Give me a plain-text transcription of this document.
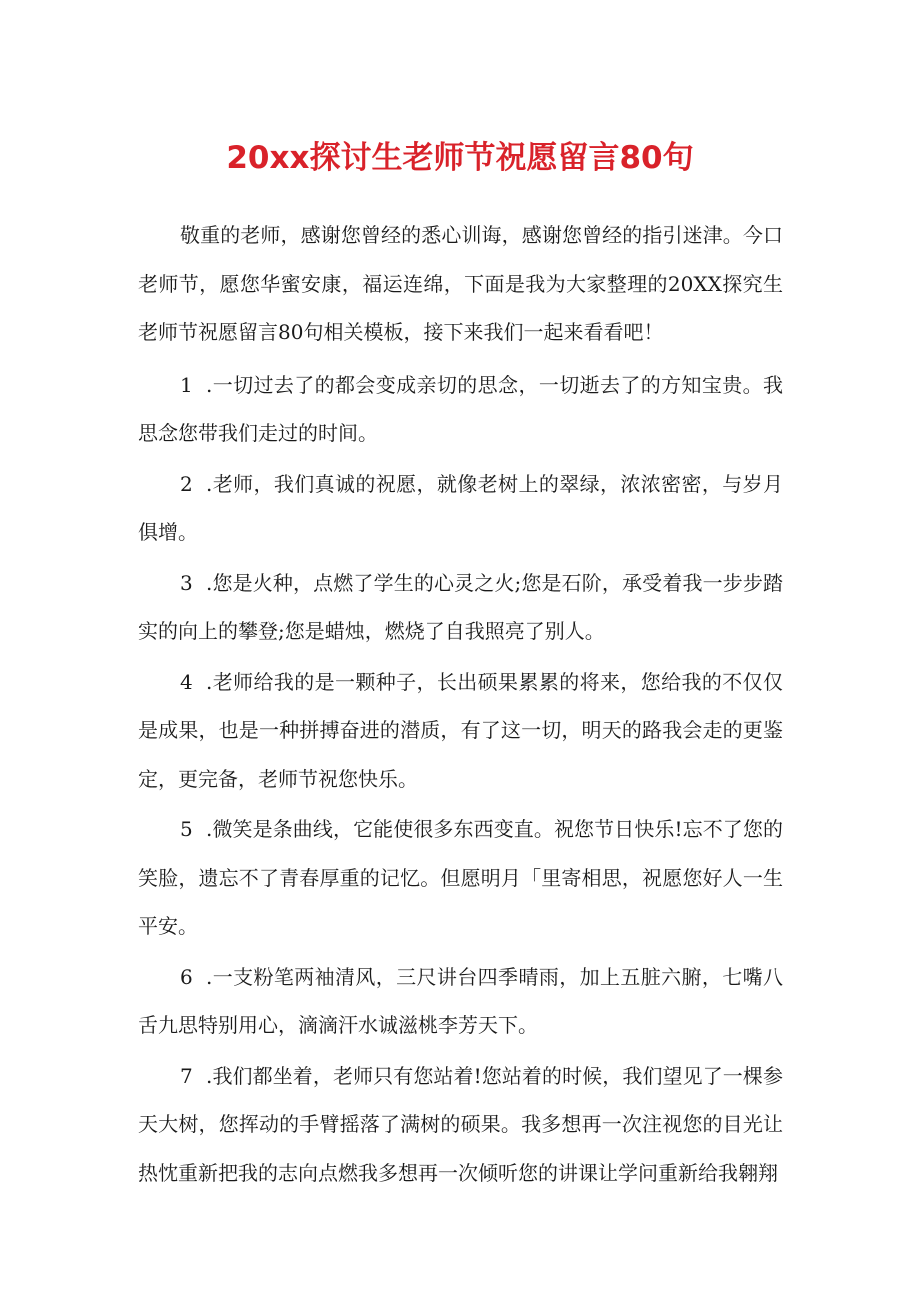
20xx探讨生老师节祝愿留言80句

敬重的老师，感谢您曾经的悉心训诲，感谢您曾经的指引迷津。今口老师节，愿您华蜜安康，福运连绵，下面是我为大家整理的20XX探究生老师节祝愿留言80句相关模板，接下来我们一起来看看吧！

1 .一切过去了的都会变成亲切的思念，一切逝去了的方知宝贵。我思念您带我们走过的时间。

2 .老师，我们真诚的祝愿，就像老树上的翠绿，浓浓密密，与岁月俱增。

3 .您是火种，点燃了学生的心灵之火;您是石阶，承受着我一步步踏实的向上的攀登;您是蜡烛，燃烧了自我照亮了别人。

4 .老师给我的是一颗种子，长出硕果累累的将来，您给我的不仅仅是成果，也是一种拼搏奋进的潜质，有了这一切，明天的路我会走的更鉴定，更完备，老师节祝您快乐。

5 .微笑是条曲线，它能使很多东西变直。祝您节日快乐!忘不了您的笑脸，遗忘不了青春厚重的记忆。但愿明月「里寄相思，祝愿您好人一生平安。

6 .一支粉笔两袖清风，三尺讲台四季晴雨，加上五脏六腑，七嘴八舌九思特别用心，滴滴汗水诚滋桃李芳天下。

7 .我们都坐着，老师只有您站着!您站着的时候，我们望见了一棵参天大树，您挥动的手臂摇落了满树的硕果。我多想再一次注视您的目光让热忱重新把我的志向点燃我多想再一次倾听您的讲课让学问重新给我翱翔
